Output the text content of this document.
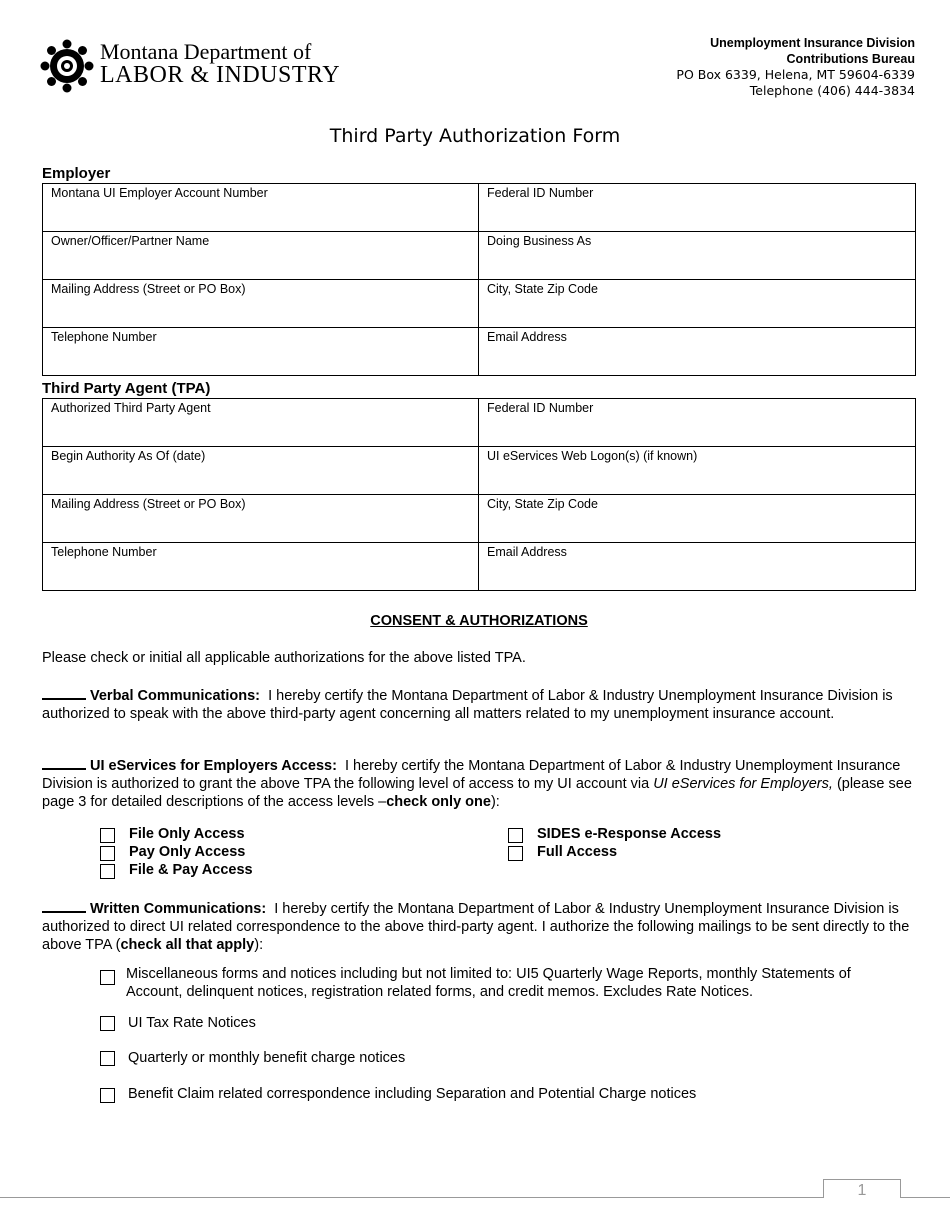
Montana Department of
LABOR & INDUSTRY
Unemployment Insurance Division
Contributions Bureau
PO Box 6339, Helena, MT 59604-6339
Telephone (406) 444-3834
Third Party Authorization Form
Employer
Montana UI Employer Account Number	Federal ID Number
Owner/Officer/Partner Name	Doing Business As
Mailing Address (Street or PO Box)	City, State Zip Code
Telephone Number	Email Address
Third Party Agent (TPA)
Authorized Third Party Agent	Federal ID Number
Begin Authority As Of (date)	UI eServices Web Logon(s) (if known)
Mailing Address (Street or PO Box)	City, State Zip Code
Telephone Number	Email Address
CONSENT & AUTHORIZATIONS
Please check or initial all applicable authorizations for the above listed TPA.
Verbal Communications: I hereby certify the Montana Department of Labor & Industry Unemployment Insurance Division is authorized to speak with the above third-party agent concerning all matters related to my unemployment insurance account.
UI eServices for Employers Access: I hereby certify the Montana Department of Labor & Industry Unemployment Insurance Division is authorized to grant the above TPA the following level of access to my UI account via UI eServices for Employers, (please see page 3 for detailed descriptions of the access levels –check only one):
File Only Access
Pay Only Access
File & Pay Access
SIDES e-Response Access
Full Access
Written Communications: I hereby certify the Montana Department of Labor & Industry Unemployment Insurance Division is authorized to direct UI related correspondence to the above third-party agent. I authorize the following mailings to be sent directly to the above TPA (check all that apply):
Miscellaneous forms and notices including but not limited to: UI5 Quarterly Wage Reports, monthly Statements of Account, delinquent notices, registration related forms, and credit memos. Excludes Rate Notices.
UI Tax Rate Notices
Quarterly or monthly benefit charge notices
Benefit Claim related correspondence including Separation and Potential Charge notices
1
